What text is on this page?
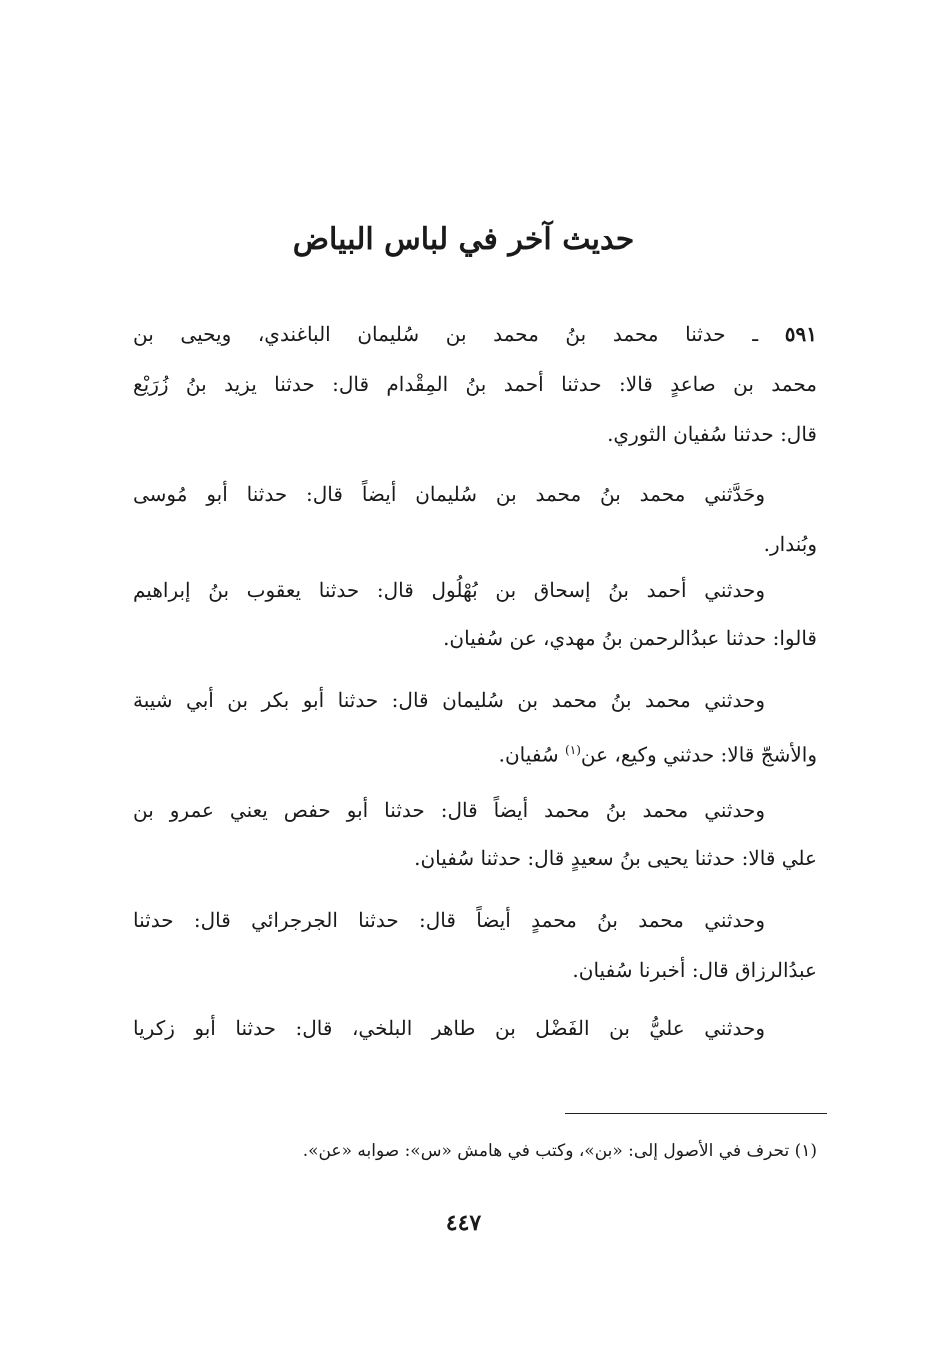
حديث آخر في لباس البياض
٥٩١ ـ حدثنا محمد بنُ محمد بن سُليمان الباغندي، ويحيى بن
محمد بن صاعدٍ قالا: حدثنا أحمد بنُ المِقْدام قال: حدثنا يزيد بنُ زُرَيْع
قال: حدثنا سُفيان الثوري.
وحَدَّثني محمد بنُ محمد بن سُليمان أيضاً قال: حدثنا أبو مُوسى
وبُندار.
وحدثني أحمد بنُ إسحاق بن بُهْلُول قال: حدثنا يعقوب بنُ إبراهيم
قالوا: حدثنا عبدُالرحمن بنُ مهدي، عن سُفيان.
وحدثني محمد بنُ محمد بن سُليمان قال: حدثنا أبو بكر بن أبي شيبة
والأشجّ قالا: حدثني وكيع، عن$^{(١)}$ سُفيان.
وحدثني محمد بنُ محمد أيضاً قال: حدثنا أبو حفص يعني عمرو بن
علي قالا: حدثنا يحيى بنُ سعيدٍ قال: حدثنا سُفيان.
وحدثني محمد بنُ محمدٍ أيضاً قال: حدثنا الجرجرائي قال: حدثنا
عبدُالرزاق قال: أخبرنا سُفيان.
وحدثني عليُّ بن الفَضْل بن طاهر البلخي، قال: حدثنا أبو زكريا
(١) تحرف في الأصول إلى: «بن»، وكتب في هامش «س»: صوابه «عن».
٤٤٧
